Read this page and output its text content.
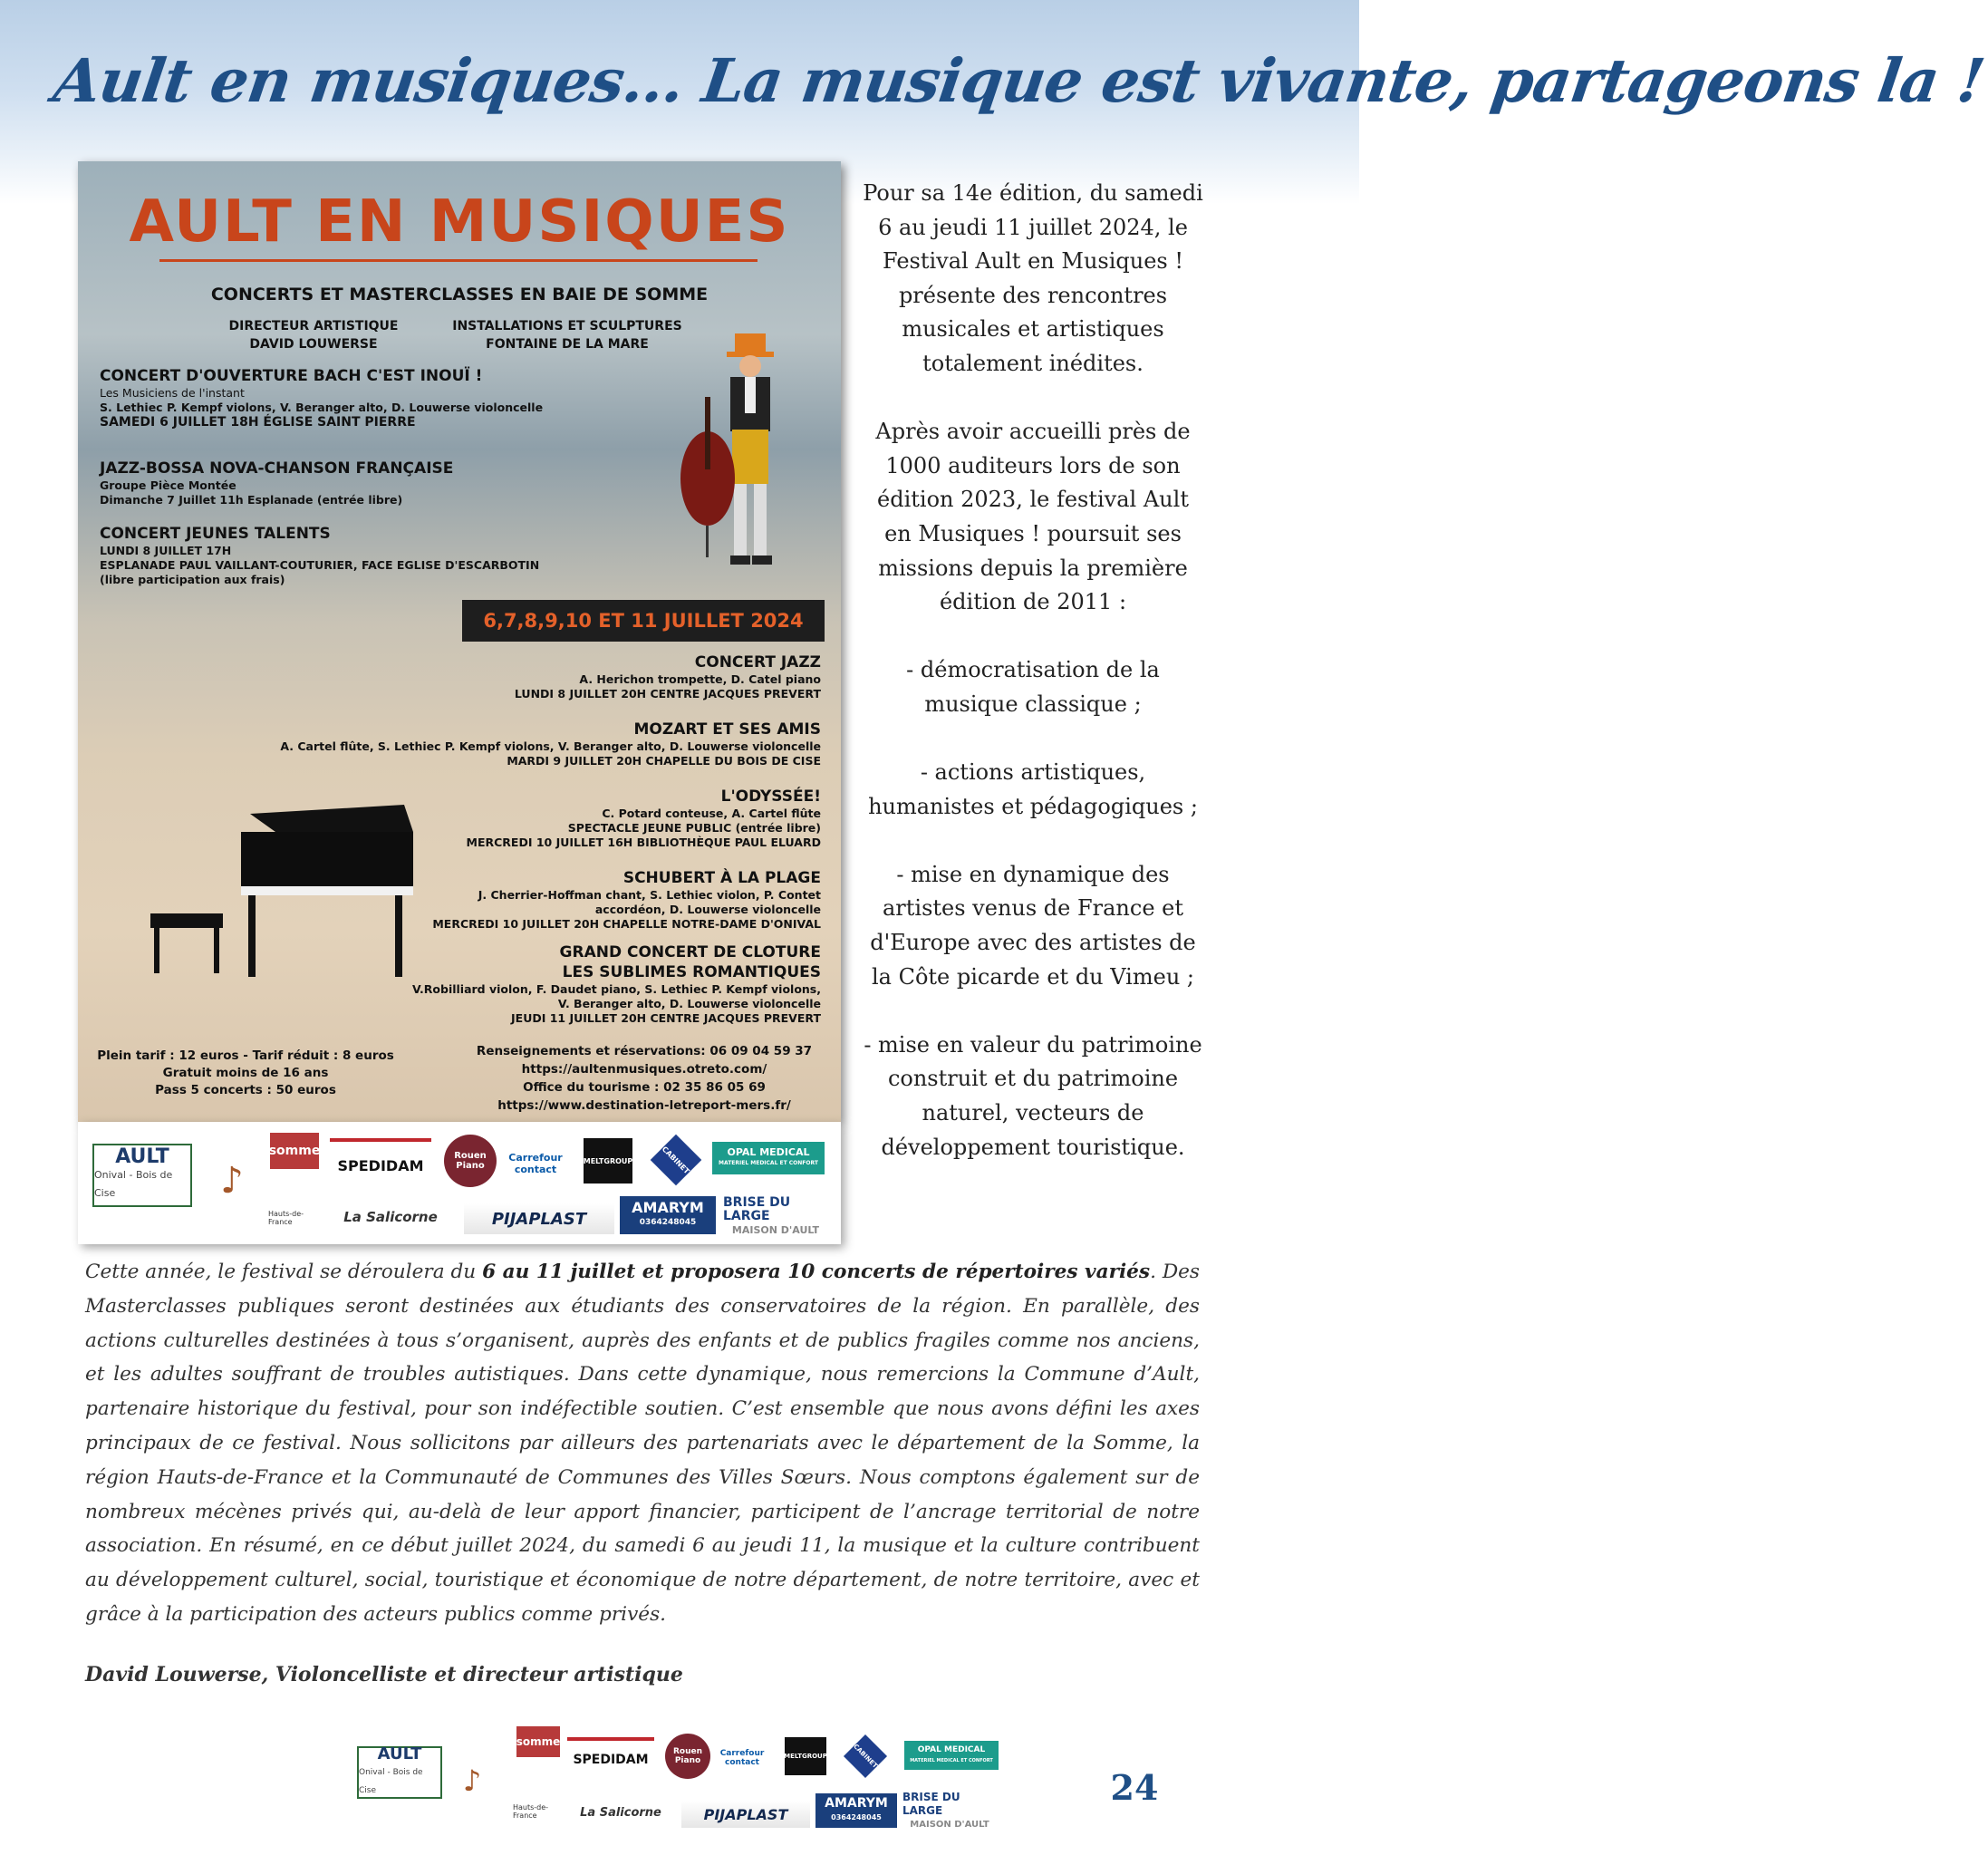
Ault en musiques... La musique est vivante, partageons la !
AULT EN MUSIQUES
CONCERTS ET MASTERCLASSES EN BAIE DE SOMME
DIRECTEUR ARTISTIQUE
DAVID LOUWERSE
INSTALLATIONS ET SCULPTURES
FONTAINE DE LA MARE
CONCERT D'OUVERTURE BACH C'EST INOUÏ !
Les Musiciens de l'instant
S. Lethiec P. Kempf violons, V. Beranger alto, D. Louwerse violoncelle
SAMEDI 6 JUILLET 18H ÉGLISE SAINT PIERRE
JAZZ-BOSSA NOVA-CHANSON FRANÇAISE
Groupe Pièce Montée
Dimanche 7 Juillet 11h Esplanade (entrée libre)
CONCERT JEUNES TALENTS
LUNDI 8 JUILLET 17H
ESPLANADE PAUL VAILLANT-COUTURIER, FACE EGLISE D'ESCARBOTIN
(libre participation aux frais)
6,7,8,9,10 ET 11 JUILLET 2024
CONCERT JAZZ
A. Herichon trompette, D. Catel piano
LUNDI 8 JUILLET 20H CENTRE JACQUES PREVERT
MOZART ET SES AMIS
A. Cartel flûte, S. Lethiec P. Kempf violons, V. Beranger alto, D. Louwerse violoncelle
MARDI 9 JUILLET 20H CHAPELLE DU BOIS DE CISE
L'ODYSSÉE!
C. Potard conteuse, A. Cartel flûte
SPECTACLE JEUNE PUBLIC (entrée libre)
MERCREDI 10 JUILLET 16H BIBLIOTHÈQUE PAUL ELUARD
SCHUBERT À LA PLAGE
J. Cherrier-Hoffman chant, S. Lethiec violon, P. Contet
accordéon, D. Louwerse violoncelle
MERCREDI 10 JUILLET 20H CHAPELLE NOTRE-DAME D'ONIVAL
GRAND CONCERT DE CLOTURE
LES SUBLIMES ROMANTIQUES
V.Robilliard violon, F. Daudet piano, S. Lethiec P. Kempf violons,
V. Beranger alto, D. Louwerse violoncelle
JEUDI 11 JUILLET 20H CENTRE JACQUES PREVERT
Plein tarif : 12 euros - Tarif réduit : 8 euros
Gratuit moins de 16 ans
Pass 5 concerts : 50 euros
Renseignements et réservations: 06 09 04 59 37
https://aultenmusiques.otreto.com/
Office du tourisme : 02 35 86 05 69
https://www.destination-letreport-mers.fr/
AULT
Onival - Bois de Cise	♪
somme
Hauts-de-France
SPEDIDAM
Rouen Piano
Carrefour
contact
MELTGROUP	CABINET	OPAL MEDICAL
MATERIEL MEDICAL ET CONFORT
La Salicorne	PIJAPLAST
AMARYM
0364248045
BRISE DU LARGE
MAISON D'AULT

Pour sa 14e édition, du samedi 6 au jeudi 11 juillet 2024, le Festival Ault en Musiques ! présente des rencontres musicales et artistiques totalement inédites.

Après avoir accueilli près de 1000 auditeurs lors de son édition 2023, le festival Ault en Musiques ! poursuit ses missions depuis la première édition de 2011 :

- démocratisation de la musique classique ;

- actions artistiques, humanistes et pédagogiques ;

- mise en dynamique des artistes venus de France et d'Europe avec des artistes de la Côte picarde et du Vimeu ;

- mise en valeur du patrimoine construit et du patrimoine naturel, vecteurs de développement touristique.

Cette année, le festival se déroulera du 6 au 11 juillet et proposera 10 concerts de répertoires variés. Des Masterclasses publiques seront destinées aux étudiants des conservatoires de la région. En parallèle, des actions culturelles destinées à tous s’organisent, auprès des enfants et de publics fragiles comme nos anciens, et les adultes souffrant de troubles autistiques. Dans cette dynamique, nous remercions la Commune d’Ault, partenaire historique du festival, pour son indéfectible soutien. C’est ensemble que nous avons défini les axes principaux de ce festival. Nous sollicitons par ailleurs des partenariats avec le département de la Somme, la région Hauts-de-France et la Communauté de Communes des Villes Sœurs. Nous comptons également sur de nombreux mécènes privés qui, au-delà de leur apport financier, participent de l’ancrage territorial de notre association. En résumé, en ce début juillet 2024, du samedi 6 au jeudi 11, la musique et la culture contribuent au développement culturel, social, touristique et économique de notre département, de notre territoire, avec et grâce à la participation des acteurs publics comme privés.
David Louwerse, Violoncelliste et directeur artistique
AULT
Onival - Bois de Cise	♪
somme
Hauts-de-France
SPEDIDAM
Rouen Piano
Carrefour
contact
MELTGROUP	CABINET	OPAL MEDICAL
MATERIEL MEDICAL ET CONFORT
La Salicorne	PIJAPLAST
AMARYM
0364248045
BRISE DU LARGE
MAISON D'AULT
24
